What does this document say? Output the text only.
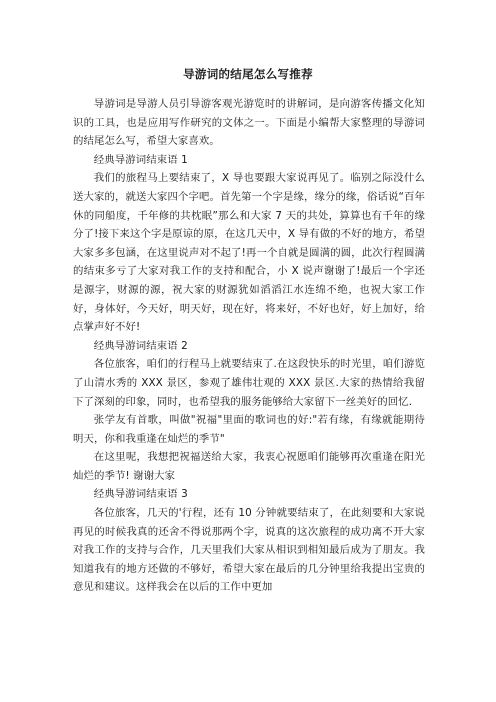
导游词的结尾怎么写推荐

导游词是导游人员引导游客观光游览时的讲解词，是向游客传播文化知识的工具，也是应用写作研究的文体之一。下面是小编帮大家整理的导游词的结尾怎么写，希望大家喜欢。

经典导游词结束语 1

我们的旅程马上要结束了，X 导也要跟大家说再见了。临别之际没什么送大家的，就送大家四个字吧。首先第一个字是缘，缘分的缘，俗话说“百年休的同船度，千年修的共枕眠”那么和大家 7 天的共处，算算也有千年的缘分了!接下来这个字是原谅的原，在这几天中，X 导有做的不好的地方，希望大家多多包涵，在这里说声对不起了!再一个自就是圆满的圆，此次行程圆满的结束多亏了大家对我工作的支持和配合，小 X 说声谢谢了!最后一个字还是源字，财源的源，祝大家的财源犹如滔滔江水连绵不绝，也祝大家工作好，身体好，今天好，明天好，现在好，将来好，不好也好，好上加好，给点掌声好不好!

经典导游词结束语 2

各位旅客，咱们的行程马上就要结束了.在这段快乐的时光里，咱们游览了山清水秀的 XXX 景区，参观了雄伟壮观的 XXX 景区.大家的热情给我留下了深刻的印象，同时，也希望我的服务能够给大家留下一丝美好的回忆.

张学友有首歌，叫做"祝福"里面的歌词也的好:"若有缘，有缘就能期待明天，你和我重逢在灿烂的季节"

在这里呢，我想把祝福送给大家，我衷心祝愿咱们能够再次重逢在阳光灿烂的季节! 谢谢大家

经典导游词结束语 3

各位旅客，几天的'行程，还有 10 分钟就要结束了，在此刻要和大家说再见的时候我真的还舍不得说那两个字，说真的这次旅程的成功离不开大家对我工作的支持与合作，几天里我们大家从相识到相知最后成为了朋友。我知道我有的地方还做的不够好，希望大家在最后的几分钟里给我提出宝贵的意见和建议。这样我会在以后的工作中更加
